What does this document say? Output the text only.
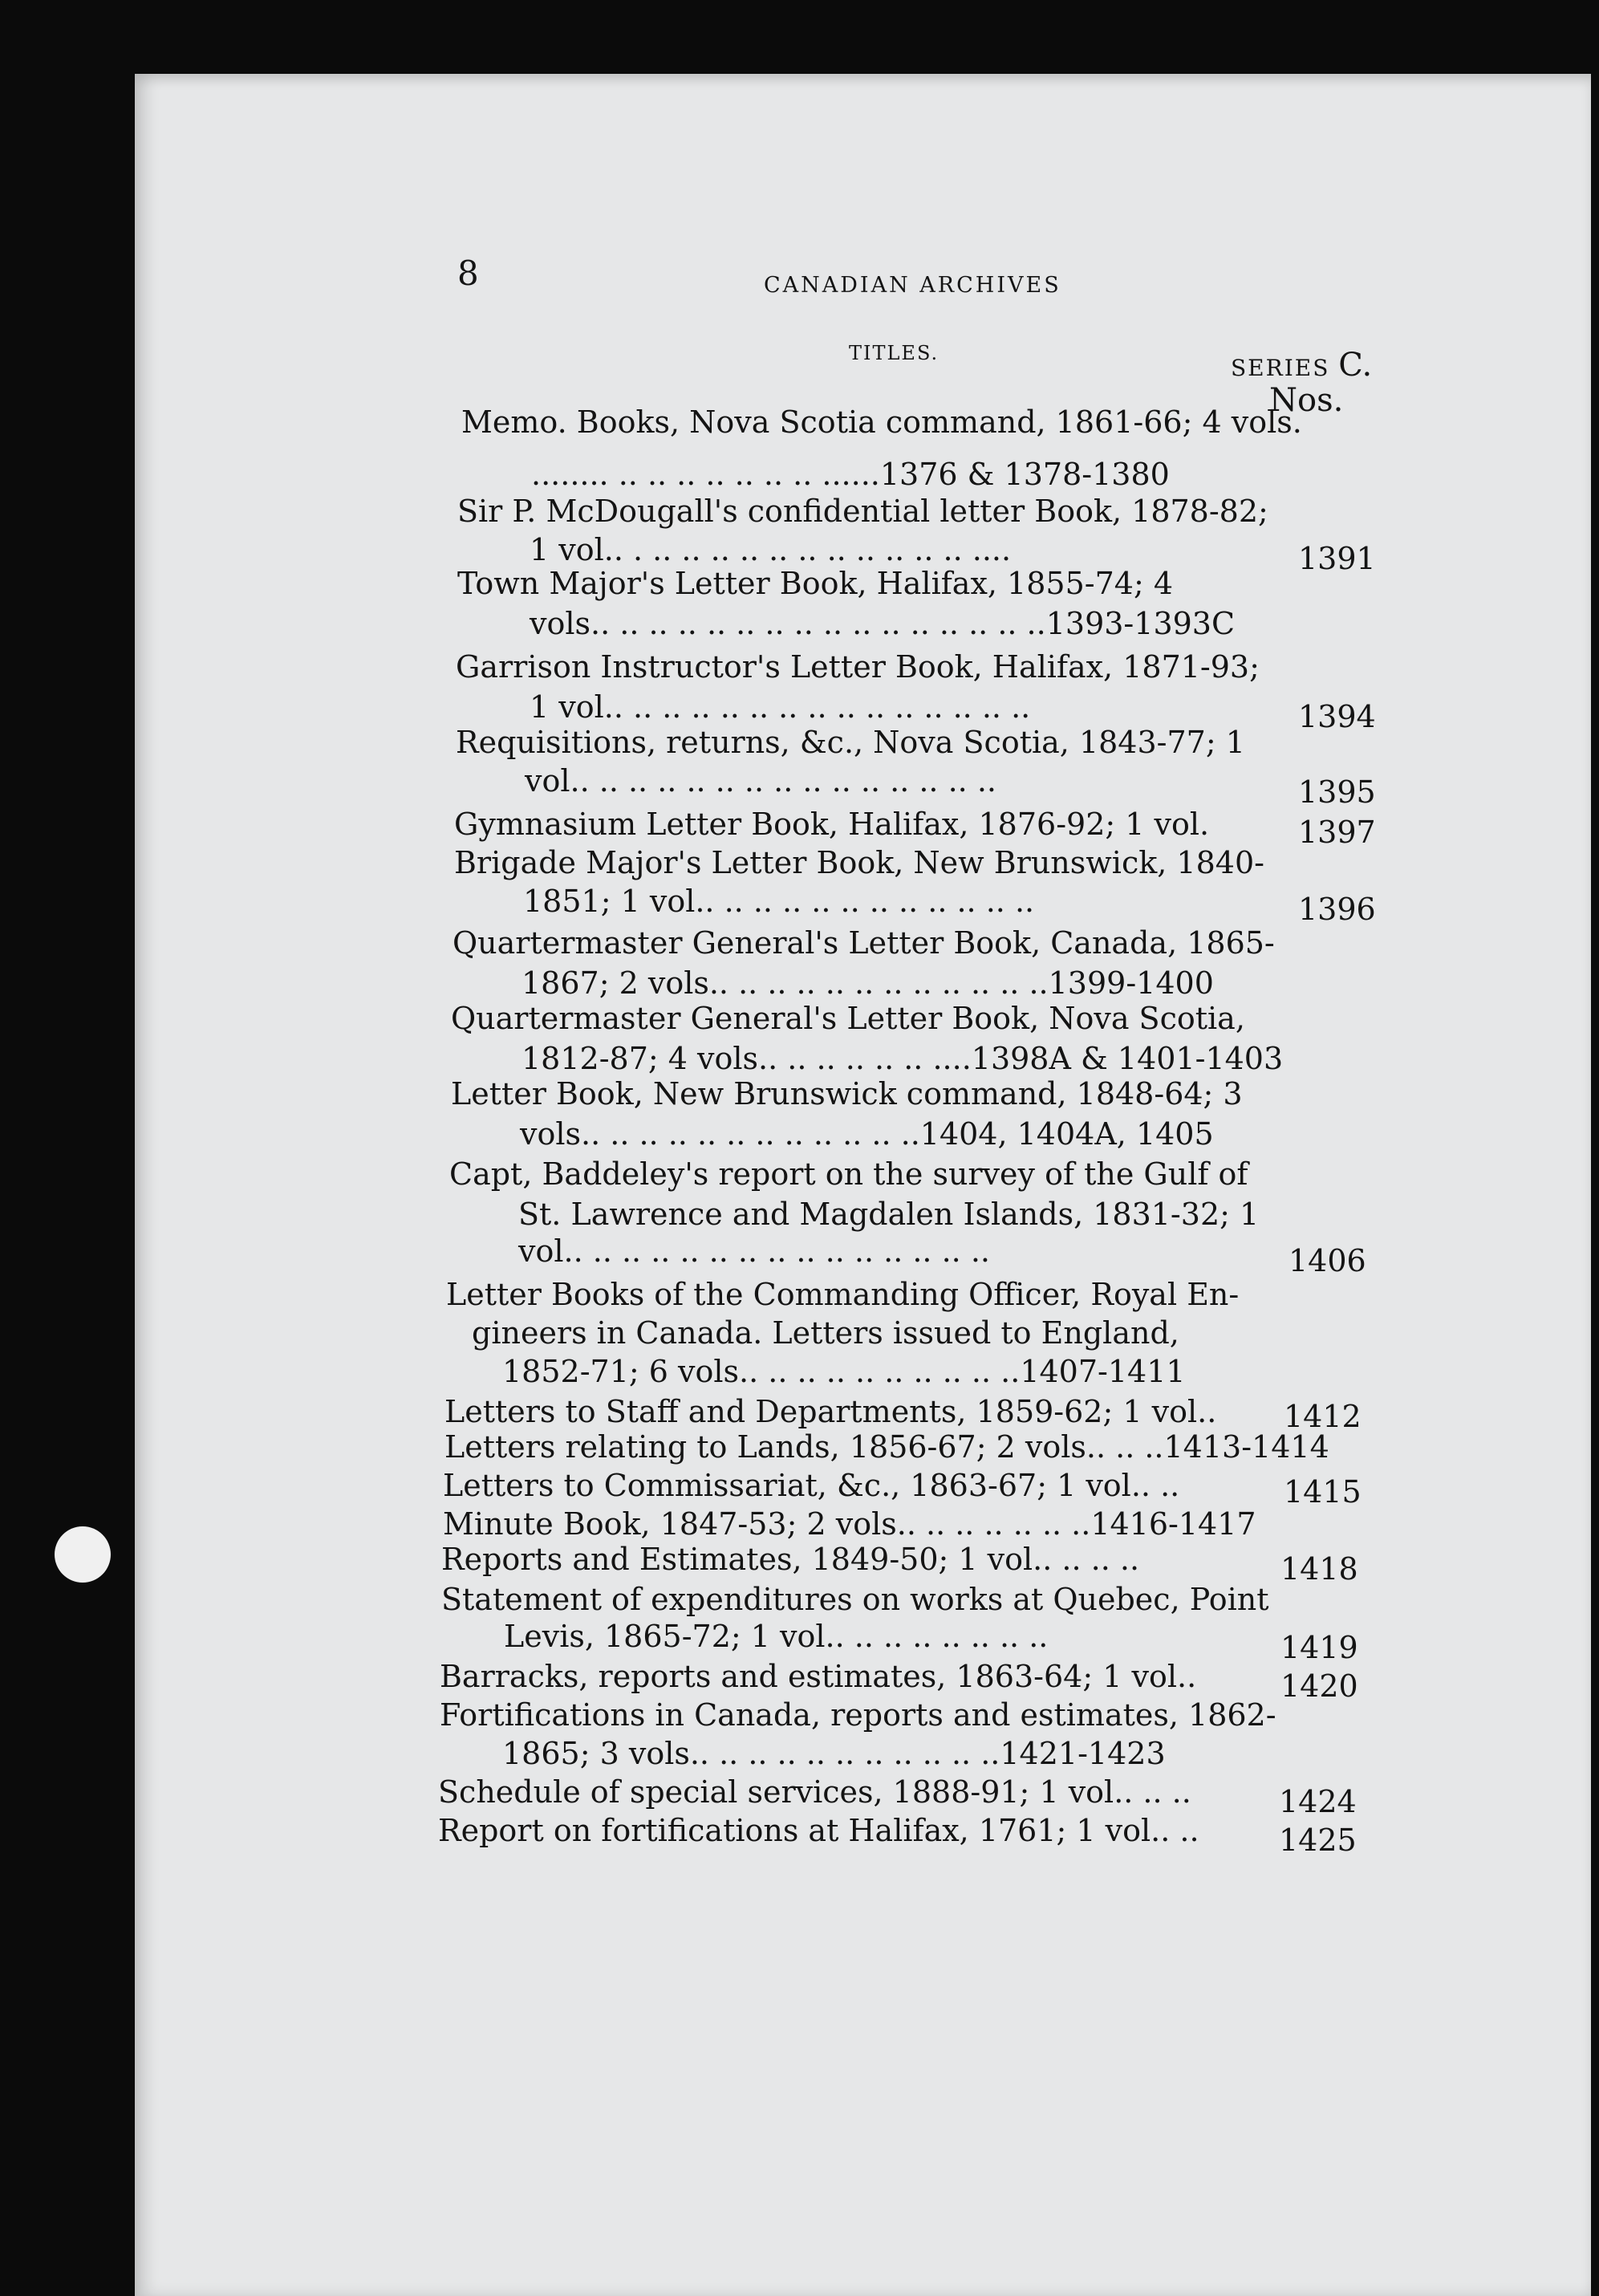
8	CANADIAN ARCHIVES
TITLES.
SERIES C.
Nos.
Memo. Books, Nova Scotia command, 1861-66; 4 vols.
........ .. .. .. .. .. .. .. ......1376 & 1378-1380
Sir P. McDougall's confidential letter Book, 1878-82;
1 vol.. . .. .. .. .. .. .. .. .. .. .. .. ....	1391
Town Major's Letter Book, Halifax, 1855-74; 4
vols.. .. .. .. .. .. .. .. .. .. .. .. .. .. .. ..1393-1393C
Garrison Instructor's Letter Book, Halifax, 1871-93;
1 vol.. .. .. .. .. .. .. .. .. .. .. .. .. .. ..	1394
Requisitions, returns, &c., Nova Scotia, 1843-77; 1
vol.. .. .. .. .. .. .. .. .. .. .. .. .. .. ..	1395
Gymnasium Letter Book, Halifax, 1876-92; 1 vol.	1397
Brigade Major's Letter Book, New Brunswick, 1840-
1851; 1 vol.. .. .. .. .. .. .. .. .. .. .. ..	1396
Quartermaster General's Letter Book, Canada, 1865-
1867; 2 vols.. .. .. .. .. .. .. .. .. .. .. ..1399-1400
Quartermaster General's Letter Book, Nova Scotia,
1812-87; 4 vols.. .. .. .. .. .. ....1398A & 1401-1403
Letter Book, New Brunswick command, 1848-64; 3
vols.. .. .. .. .. .. .. .. .. .. .. ..1404, 1404A, 1405
Capt, Baddeley's report on the survey of the Gulf of
St. Lawrence and Magdalen Islands, 1831-32; 1
vol.. .. .. .. .. .. .. .. .. .. .. .. .. .. ..	1406
Letter Books of the Commanding Officer, Royal En-
gineers in Canada. Letters issued to England,
1852-71; 6 vols.. .. .. .. .. .. .. .. .. ..1407-1411
Letters to Staff and Departments, 1859-62; 1 vol.. 1412
Letters relating to Lands, 1856-67; 2 vols.. .. ..1413-1414
Letters to Commissariat, &c., 1863-67; 1 vol.. ..	1415
Minute Book, 1847-53; 2 vols.. .. .. .. .. .. ..1416-1417
Reports and Estimates, 1849-50; 1 vol.. .. .. ..	1418
Statement of expenditures on works at Quebec, Point
Levis, 1865-72; 1 vol.. .. .. .. .. .. .. ..	1419
Barracks, reports and estimates, 1863-64; 1 vol..	1420
Fortifications in Canada, reports and estimates, 1862-
1865; 3 vols.. .. .. .. .. .. .. .. .. .. ..1421-1423
Schedule of special services, 1888-91; 1 vol.. .. ..	1424
Report on fortifications at Halifax, 1761; 1 vol.. ..	1425
